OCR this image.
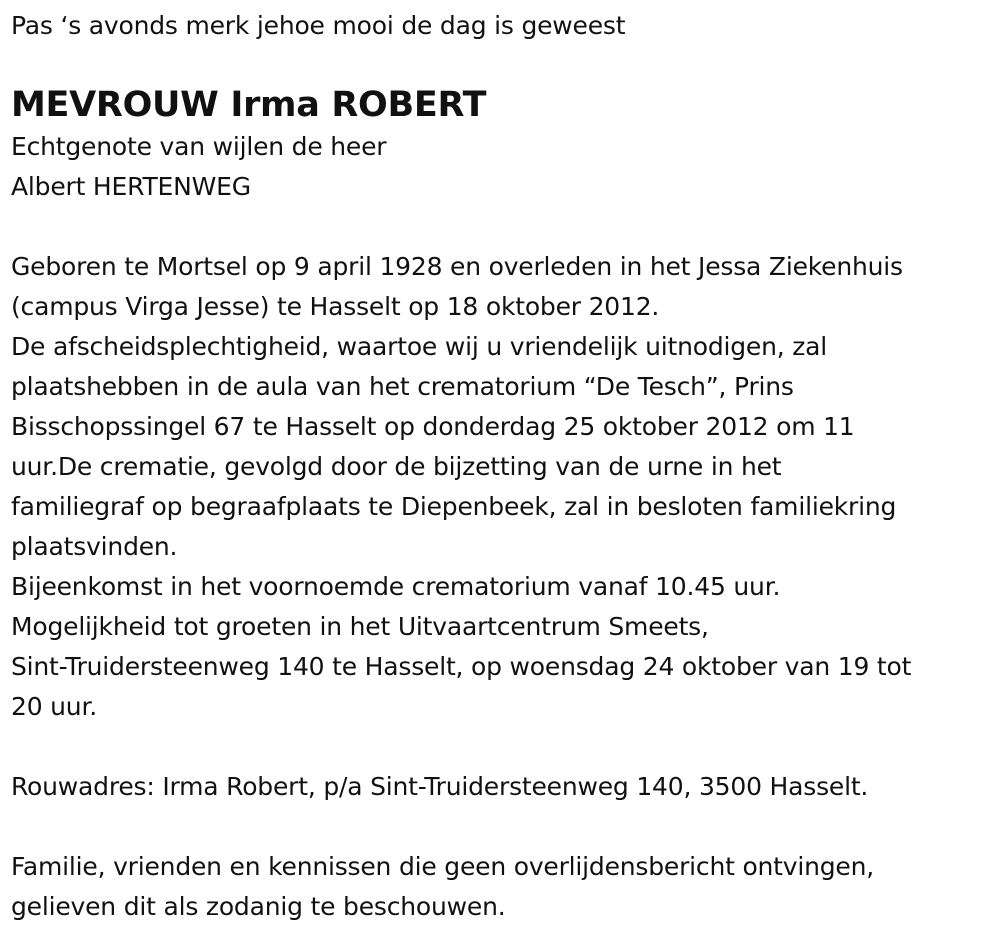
Pas ‘s avonds merk jehoe mooi de dag is geweest
MEVROUW Irma ROBERT
Echtgenote van wijlen de heer
Albert HERTENWEG
Geboren te Mortsel op 9 april 1928 en overleden in het Jessa Ziekenhuis
(campus Virga Jesse) te Hasselt op 18 oktober 2012.
De afscheidsplechtigheid, waartoe wij u vriendelijk uitnodigen, zal
plaatshebben in de aula van het crematorium “De Tesch”, Prins
Bisschopssingel 67 te Hasselt op donderdag 25 oktober 2012 om 11
uur.De crematie, gevolgd door de bijzetting van de urne in het
familiegraf op begraafplaats te Diepenbeek, zal in besloten familiekring
plaatsvinden.
Bijeenkomst in het voornoemde crematorium vanaf 10.45 uur.
Mogelijkheid tot groeten in het Uitvaartcentrum Smeets,
Sint-Truidersteenweg 140 te Hasselt, op woensdag 24 oktober van 19 tot
20 uur.
Rouwadres: Irma Robert, p/a Sint-Truidersteenweg 140, 3500 Hasselt.
Familie, vrienden en kennissen die geen overlijdensbericht ontvingen,
gelieven dit als zodanig te beschouwen.
